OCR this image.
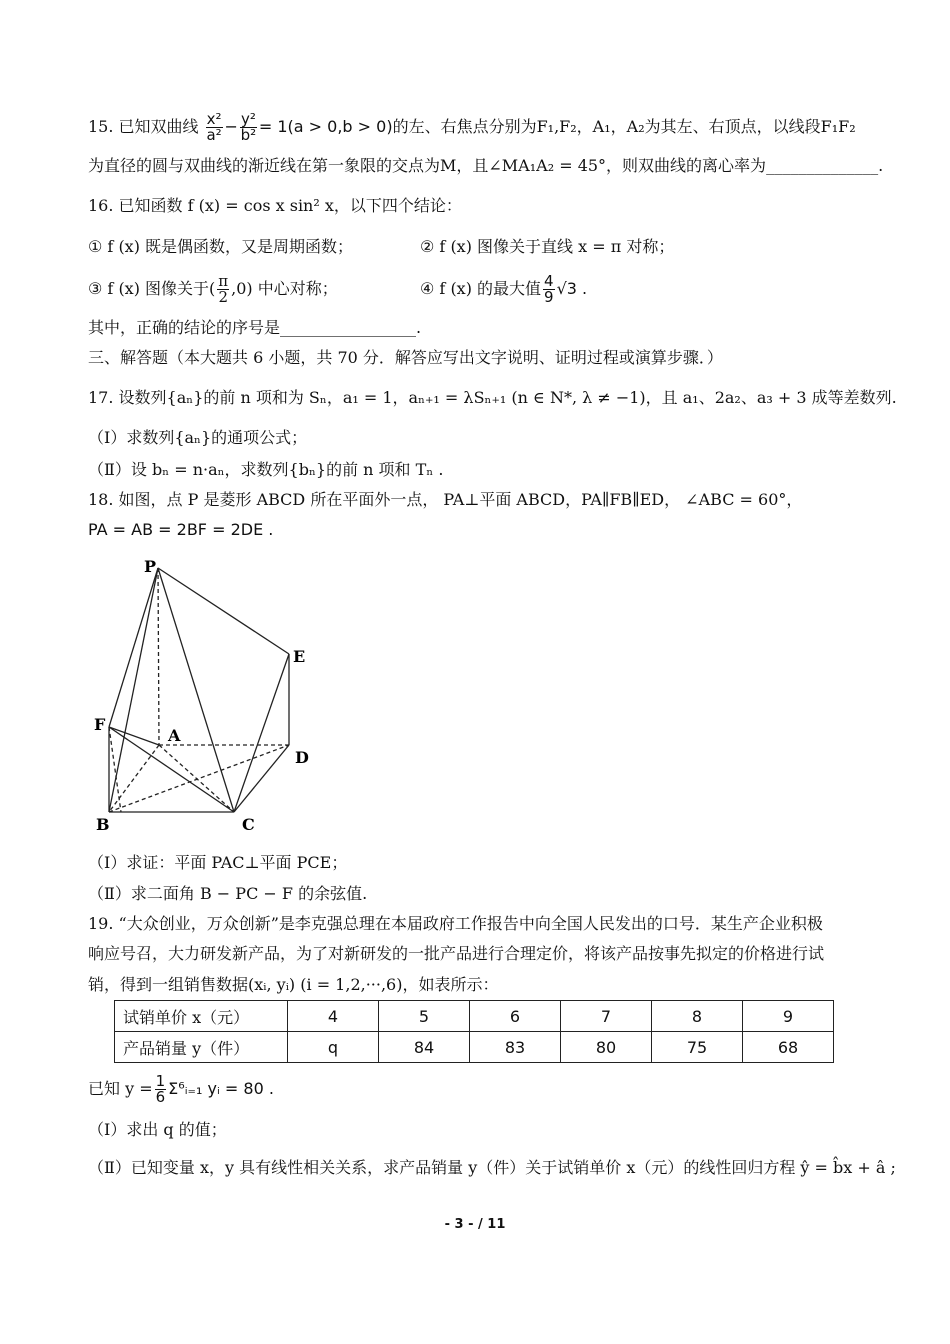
15. 已知双曲线 $\frac{\text{x²}}{\text{a²}} - \frac{\text{y²}}{\text{b²}} = 1(a > 0,b > 0)$的左、右焦点分别为F₁,F₂，A₁，A₂为其左、右顶点，以线段F₁F₂
为直径的圆与双曲线的渐近线在第一象限的交点为M，且∠MA₁A₂ = 45°，则双曲线的离心率为______________.
16. 已知函数 f (x) = cos x sin² x，以下四个结论：
① f (x) 既是偶函数，又是周期函数；	② f (x) 图像关于直线 x = π 对称；
③ f (x) 图像关于( $\frac{\pi}{2} ,0$) 中心对称；	④ f (x) 的最大值 $\frac{4}{9} √3$ .
其中，正确的结论的序号是_________________.
三、解答题（本大题共 6 小题，共 70 分．解答应写出文字说明、证明过程或演算步骤．）
17. 设数列{aₙ}的前 n 项和为 Sₙ，a₁ = 1，aₙ₊₁ = λSₙ₊₁ (n ∈ N*, λ ≠ −1)，且 a₁、2a₂、a₃ + 3 成等差数列.
（Ⅰ）求数列{aₙ}的通项公式；
（Ⅱ）设 bₙ = n·aₙ，求数列{bₙ}的前 n 项和 Tₙ .
18. 如图，点 P 是菱形 ABCD 所在平面外一点， PA⊥平面 ABCD，PA∥FB∥ED， ∠ABC = 60°，
PA = AB = 2BF = 2DE .
P
E
F
A
D
B	C
（Ⅰ）求证：平面 PAC⊥平面 PCE；
（Ⅱ）求二面角 B − PC − F 的余弦值.
19. “大众创业，万众创新”是李克强总理在本届政府工作报告中向全国人民发出的口号．某生产企业积极
响应号召，大力研发新产品，为了对新研发的一批产品进行合理定价，将该产品按事先拟定的价格进行试
销，得到一组销售数据(xᵢ, yᵢ) (i = 1,2,···,6)，如表所示：
试销单价 x（元）	4	5	6	7	8	9
产品销量 y（件）	q	84	83	80	75	68
已知 $y = \frac{1}{6}$ Σ⁶ᵢ₌₁ yᵢ = 80 .
（Ⅰ）求出 q 的值；
（Ⅱ）已知变量 x，y 具有线性相关关系，求产品销量 y（件）关于试销单价 x（元）的线性回归方程 ŷ = b̂x + â ;
- 3 - / 11
